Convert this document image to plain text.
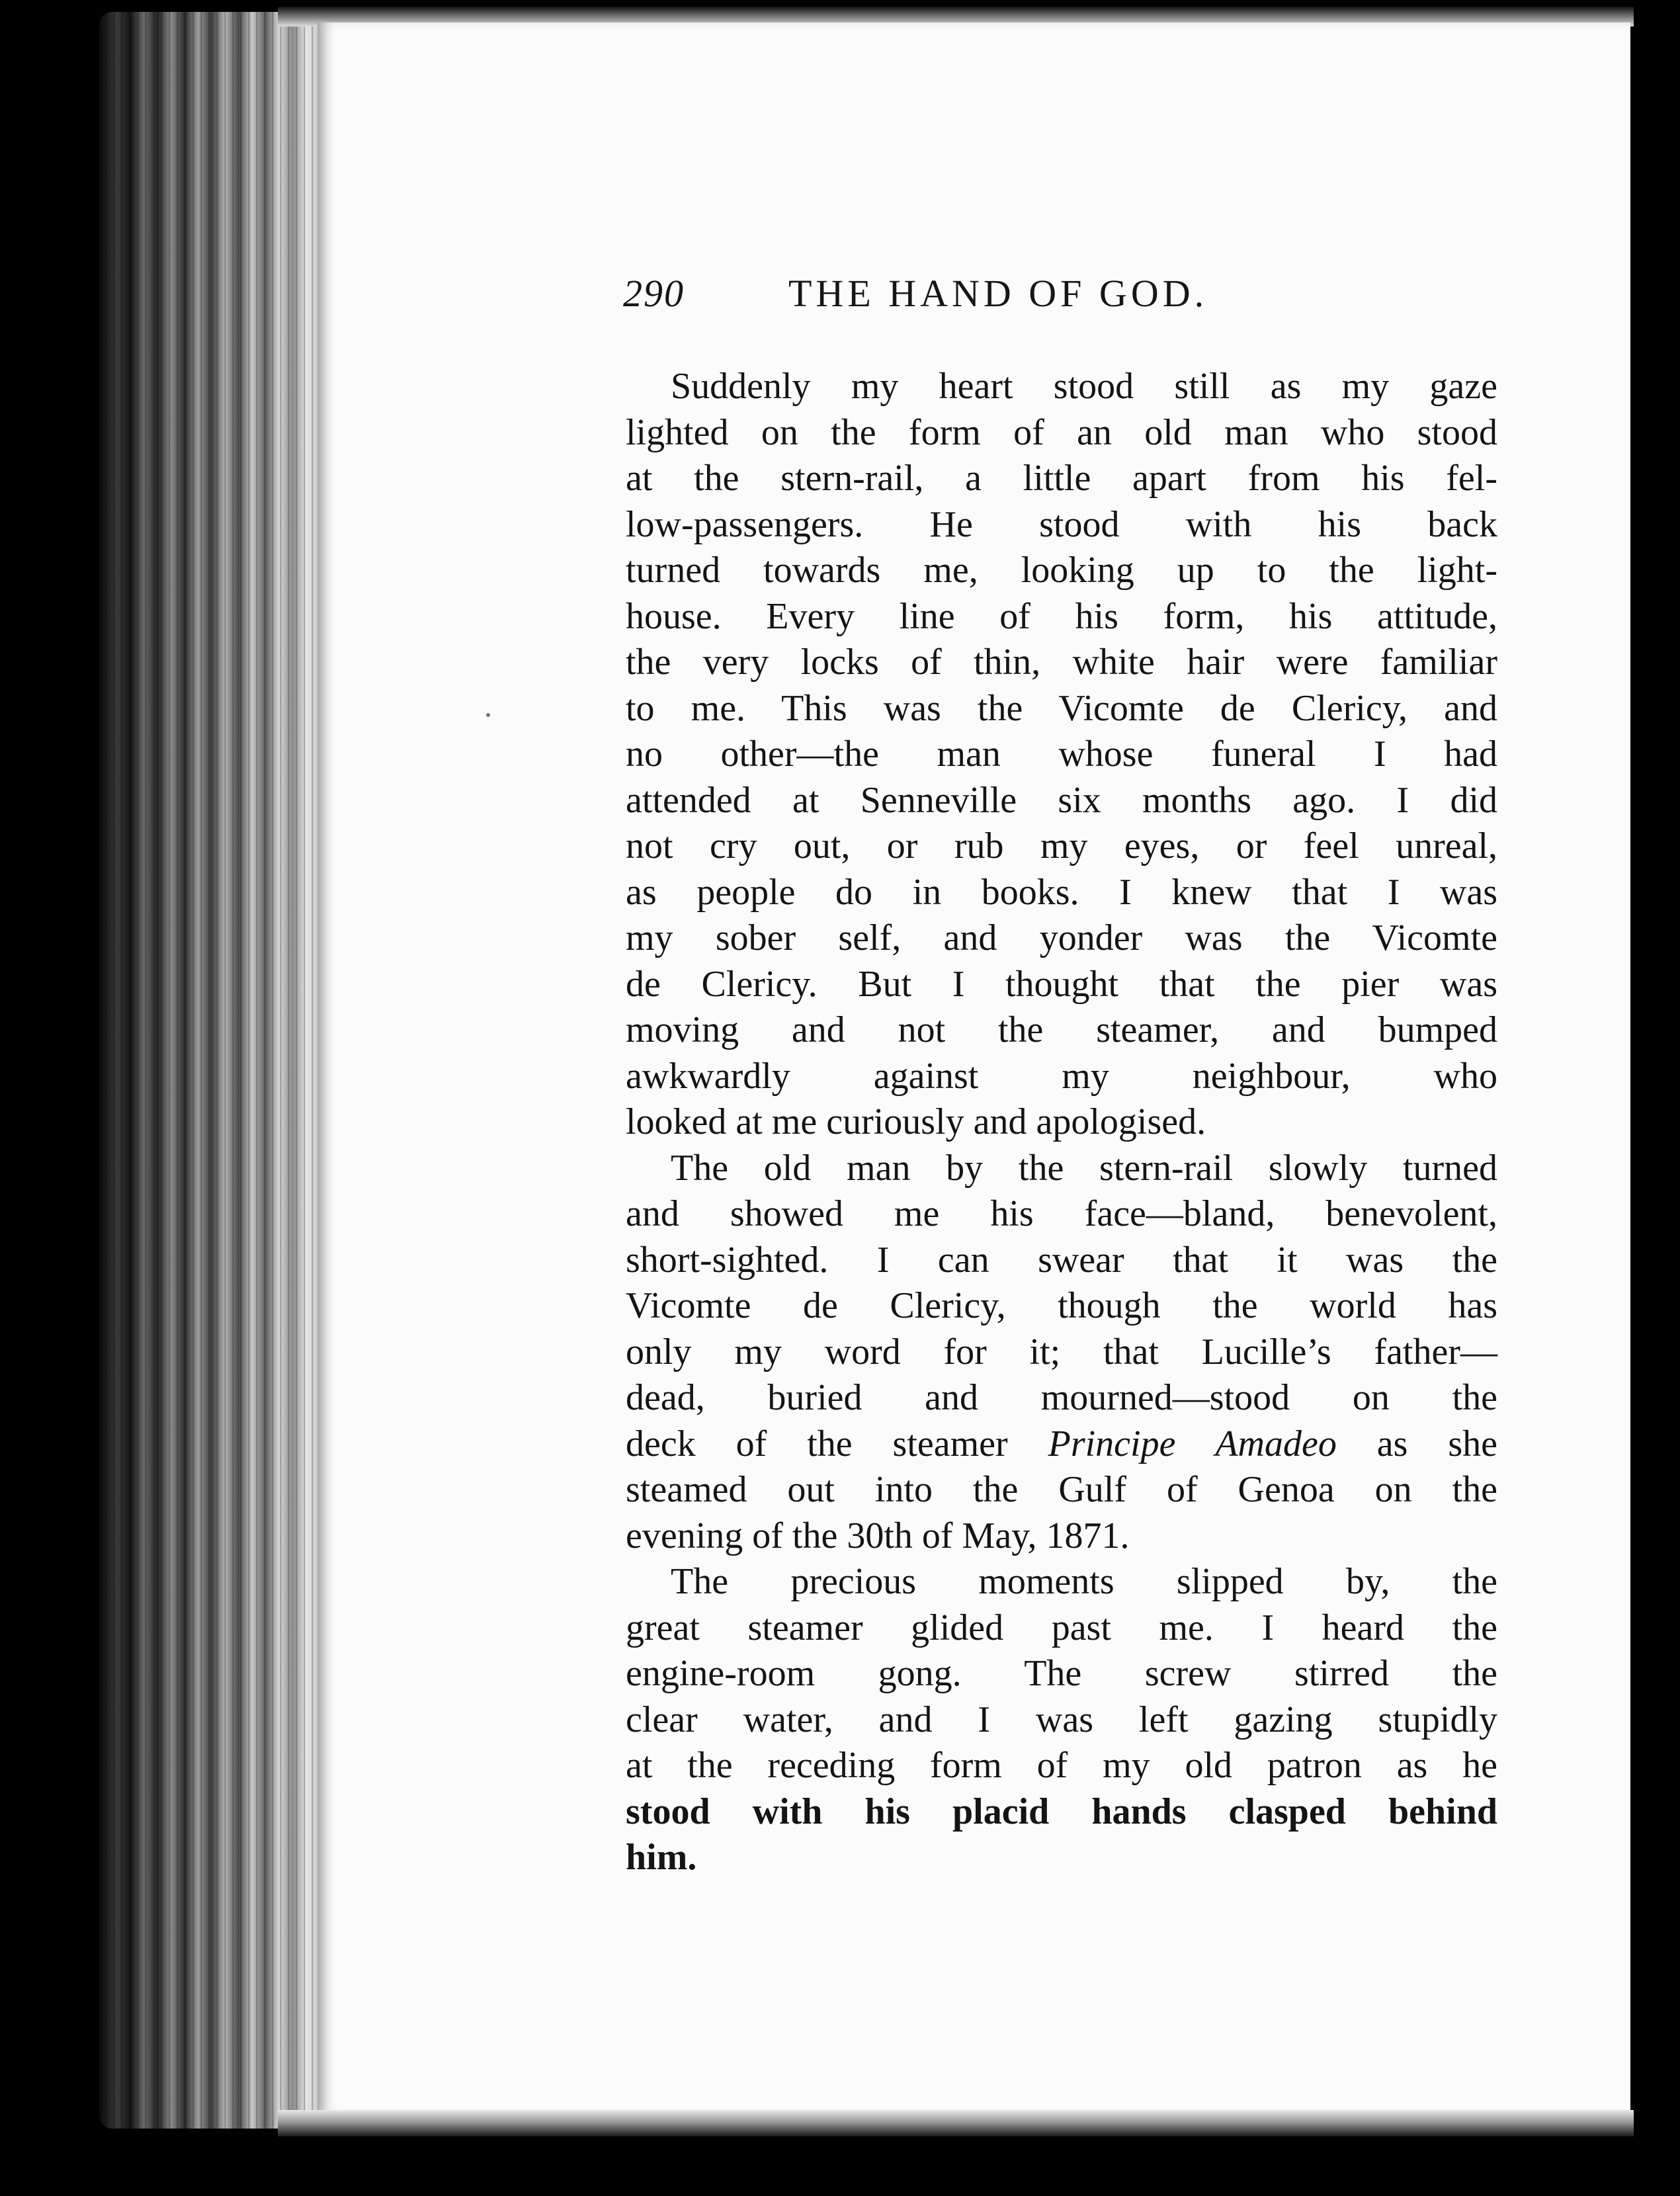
290	THE HAND OF GOD.
Suddenly my heart stood still as my gaze
lighted on the form of an old man who stood
at the stern-rail, a little apart from his fel-
low-passengers. He stood with his back
turned towards me, looking up to the light-
house. Every line of his form, his attitude,
the very locks of thin, white hair were familiar
to me. This was the Vicomte de Clericy, and
no other—the man whose funeral I had
attended at Senneville six months ago. I did
not cry out, or rub my eyes, or feel unreal,
as people do in books. I knew that I was
my sober self, and yonder was the Vicomte
de Clericy. But I thought that the pier was
moving and not the steamer, and bumped
awkwardly against my neighbour, who
looked at me curiously and apologised.
The old man by the stern-rail slowly turned
and showed me his face—bland, benevolent,
short-sighted. I can swear that it was the
Vicomte de Clericy, though the world has
only my word for it; that Lucille’s father—
dead, buried and mourned—stood on the
deck of the steamer Principe Amadeo as she
steamed out into the Gulf of Genoa on the
evening of the 30th of May, 1871.
The precious moments slipped by, the
great steamer glided past me. I heard the
engine-room gong. The screw stirred the
clear water, and I was left gazing stupidly
at the receding form of my old patron as he
stood with his placid hands clasped behind
him.
